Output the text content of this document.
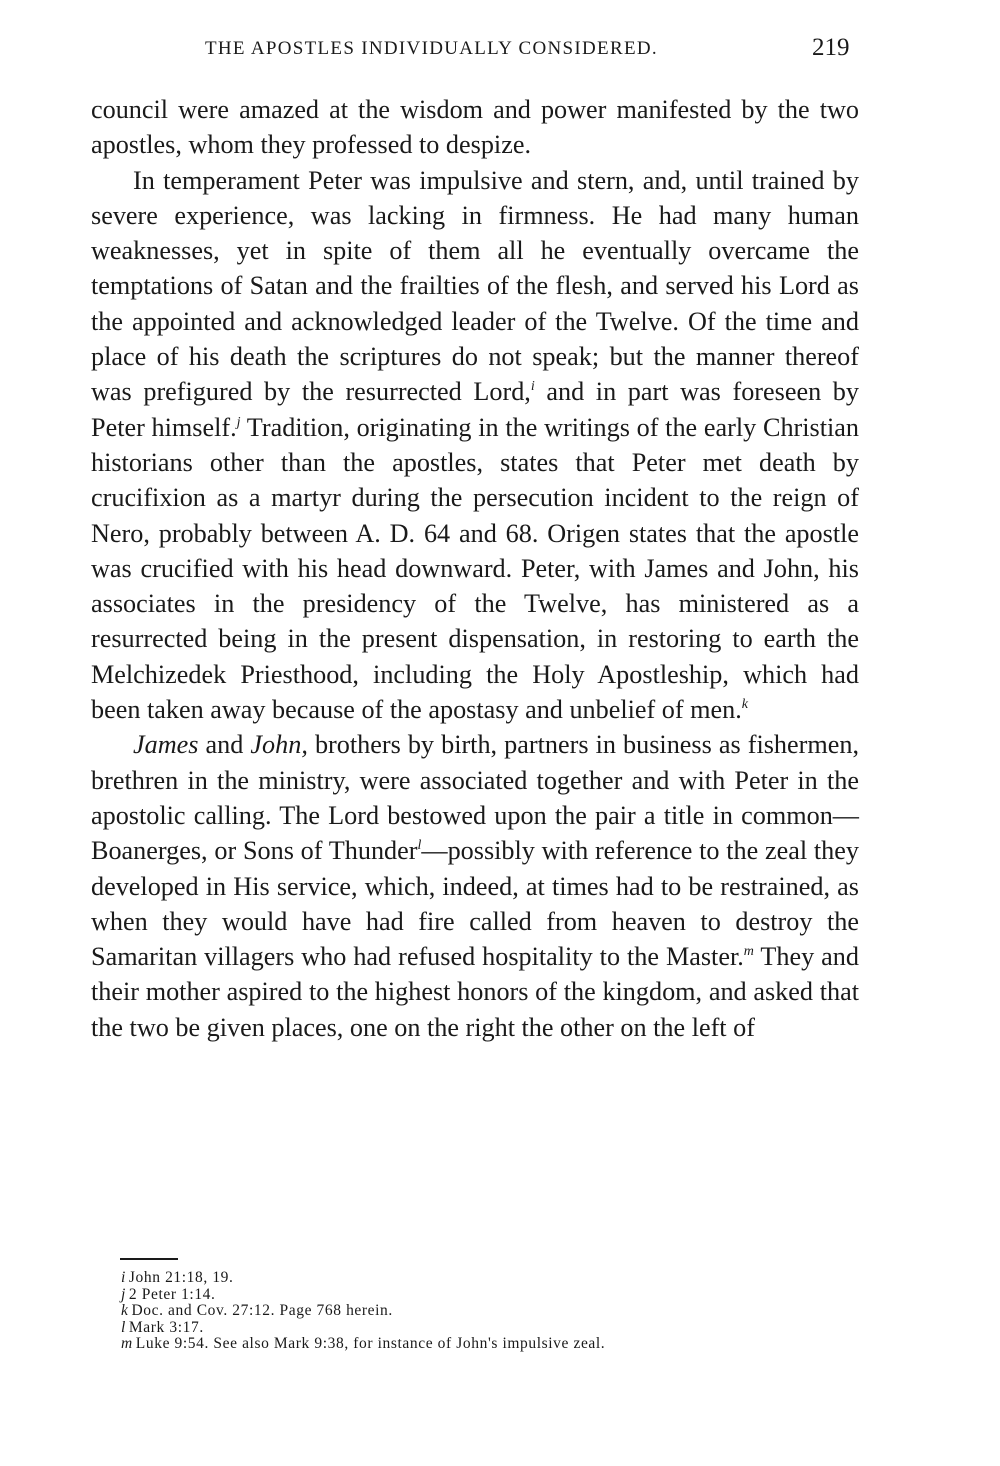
THE APOSTLES INDIVIDUALLY CONSIDERED.	219

council were amazed at the wisdom and power manifested by the two apostles, whom they professed to despize.

In temperament Peter was impulsive and stern, and, until trained by severe experience, was lacking in firmness. He had many human weaknesses, yet in spite of them all he eventually overcame the temptations of Satan and the frailties of the flesh, and served his Lord as the appointed and acknowledged leader of the Twelve. Of the time and place of his death the scriptures do not speak; but the manner thereof was prefigured by the resurrected Lord,$^i$ and in part was foreseen by Peter himself.$^j$ Tradition, originating in the writings of the early Christian historians other than the apostles, states that Peter met death by crucifixion as a martyr during the persecution incident to the reign of Nero, probably between A. D. 64 and 68. Origen states that the apostle was crucified with his head downward. Peter, with James and John, his associates in the presidency of the Twelve, has ministered as a resurrected being in the present dispensation, in restoring to earth the Melchizedek Priesthood, including the Holy Apostleship, which had been taken away because of the apostasy and unbelief of men.$^k$

James and John, brothers by birth, partners in business as fishermen, brethren in the ministry, were associated together and with Peter in the apostolic calling. The Lord bestowed upon the pair a title in common—Boanerges, or Sons of Thunder$^l$—possibly with reference to the zeal they developed in His service, which, indeed, at times had to be restrained, as when they would have had fire called from heaven to destroy the Samaritan villagers who had refused hospitality to the Master.$^m$ They and their mother aspired to the highest honors of the kingdom, and asked that the two be given places, one on the right the other on the left of

i John 21:18, 19.
j 2 Peter 1:14.
k Doc. and Cov. 27:12. Page 768 herein.
l Mark 3:17.
m Luke 9:54. See also Mark 9:38, for instance of John's impulsive zeal.
